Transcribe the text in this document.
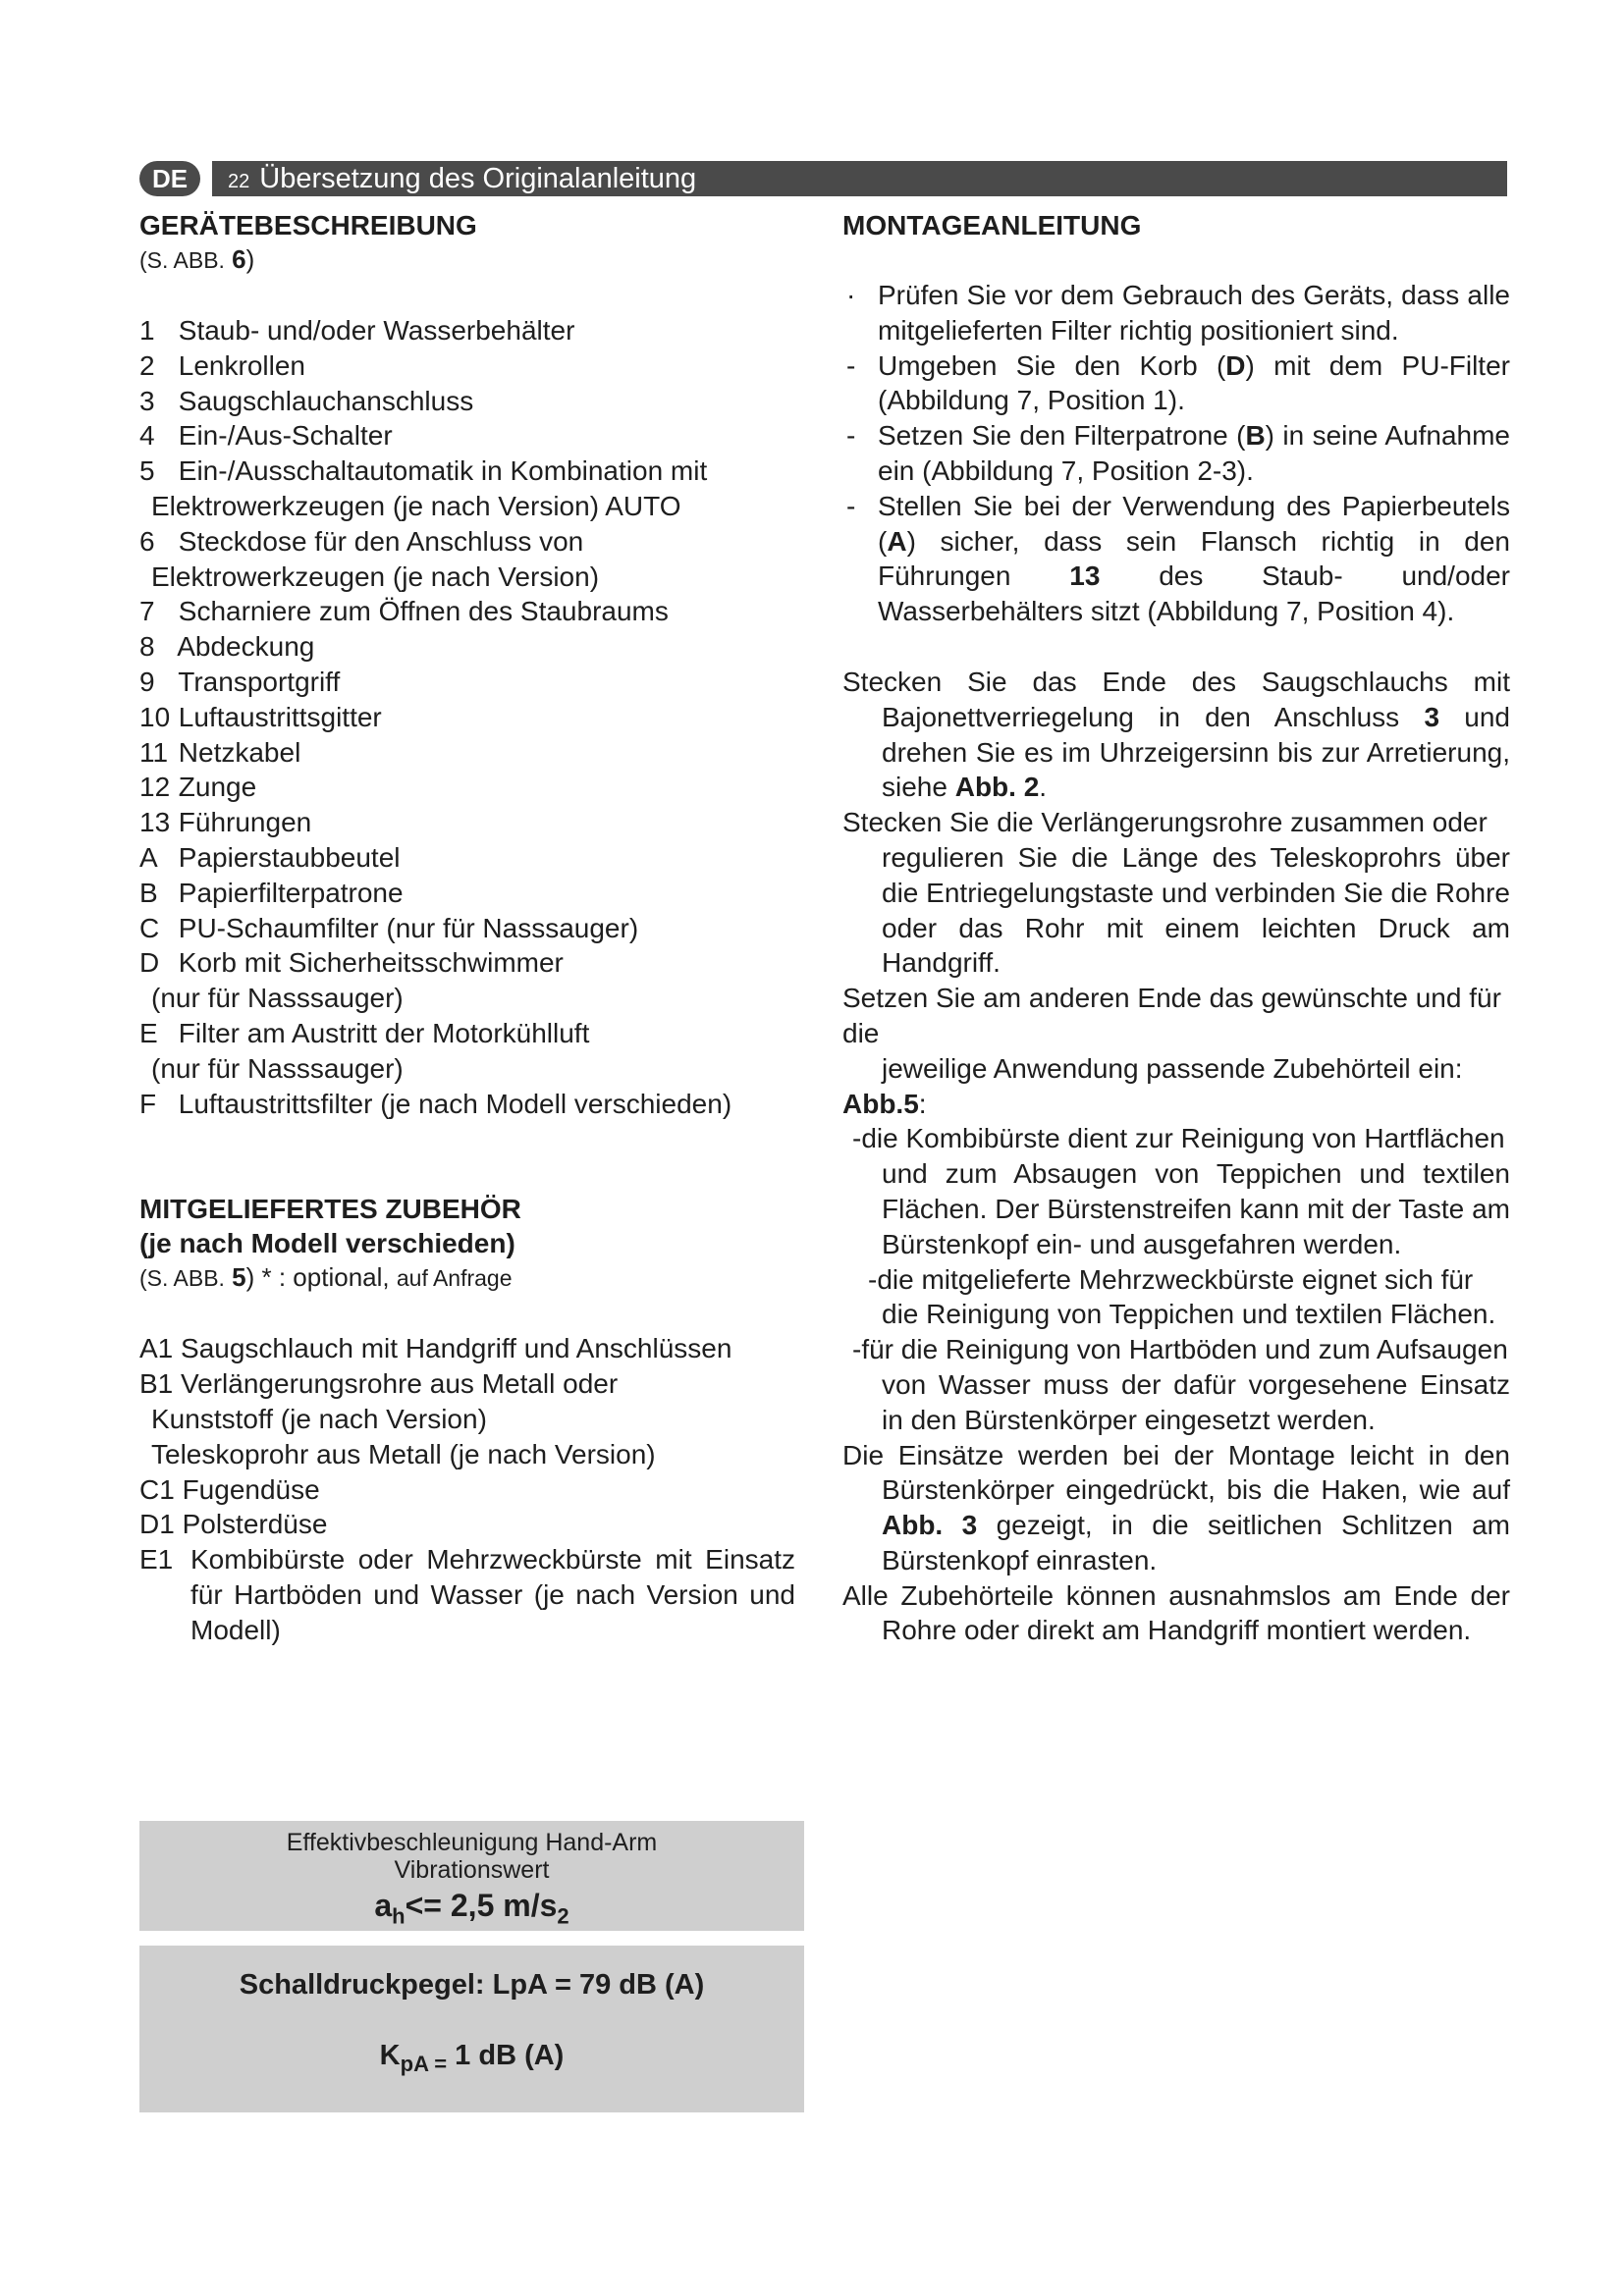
DE	22 Übersetzung des Originalanleitung

GERÄTEBESCHREIBUNG

(S. ABB. 6)

1 Staub- und/oder Wasserbehälter
2 Lenkrollen
3 Saugschlauchanschluss
4 Ein-/Aus-Schalter
5 Ein-/Ausschaltautomatik in Kombination mit
Elektrowerkzeugen (je nach Version) AUTO
6 Steckdose für den Anschluss von
Elektrowerkzeugen (je nach Version)
7 Scharniere zum Öffnen des Staubraums
8 Abdeckung
9 Transportgriff
10 Luftaustrittsgitter
11 Netzkabel
12 Zunge
13 Führungen
A Papierstaubbeutel
B Papierfilterpatrone
C PU-Schaumfilter (nur für Nasssauger)
D Korb mit Sicherheitsschwimmer
(nur für Nasssauger)
E Filter am Austritt der Motorkühlluft
(nur für Nasssauger)
F Luftaustrittsfilter (je nach Modell verschieden)

MITGELIEFERTES ZUBEHÖR

(je nach Modell verschieden)

(S. ABB. 5) * : optional, auf Anfrage

A1 Saugschlauch mit Handgriff und Anschlüssen
B1 Verlängerungsrohre aus Metall oder
Kunststoff (je nach Version)
Teleskoprohr aus Metall (je nach Version)
C1 Fugendüse
D1 Polsterdüse
E1 Kombibürste oder Mehrzweckbürste mit Einsatz für Hartböden und Wasser (je nach Version und Modell)
Effektivbeschleunigung Hand-Arm
Vibrationswert
$a_h<= 2,5$ $m/s_2$
Schalldruckpegel: LpA = 79 dB (A)
$K_{pA =}$ 1 dB (A)

MONTAGEANLEITUNG

· Prüfen Sie vor dem Gebrauch des Geräts, dass alle mitgelieferten Filter richtig positioniert sind.
- Umgeben Sie den Korb (D) mit dem PU-Filter (Abbildung 7, Position 1).
- Setzen Sie den Filterpatrone (B) in seine Aufnahme ein (Abbildung 7, Position 2-3).
- Stellen Sie bei der Verwendung des Papierbeutels (A) sicher, dass sein Flansch richtig in den Führungen 13 des Staub- und/oder Wasserbehälters sitzt (Abbildung 7, Position 4).

Stecken Sie das Ende des Saugschlauchs mit
Bajonettverriegelung in den Anschluss 3 und drehen Sie es im Uhrzeigersinn bis zur Arretierung, siehe Abb. 2.

Stecken Sie die Verlängerungsrohre zusammen oder
regulieren Sie die Länge des Teleskoprohrs über die Entriegelungstaste und verbinden Sie die Rohre oder das Rohr mit einem leichten Druck am Handgriff.

Setzen Sie am anderen Ende das gewünschte und für die
jeweilige Anwendung passende Zubehörteil ein:

Abb.5:

-die Kombibürste dient zur Reinigung von Hartflächen
und zum Absaugen von Teppichen und textilen Flächen. Der Bürstenstreifen kann mit der Taste am Bürstenkopf ein- und ausgefahren werden.

-die mitgelieferte Mehrzweckbürste eignet sich für
die Reinigung von Teppichen und textilen Flächen.

-für die Reinigung von Hartböden und zum Aufsaugen
von Wasser muss der dafür vorgesehene Einsatz in den Bürstenkörper eingesetzt werden.

Die Einsätze werden bei der Montage leicht in den
Bürstenkörper eingedrückt, bis die Haken, wie auf Abb. 3 gezeigt, in die seitlichen Schlitzen am Bürstenkopf einrasten.

Alle Zubehörteile können ausnahmslos am Ende der
Rohre oder direkt am Handgriff montiert werden.
